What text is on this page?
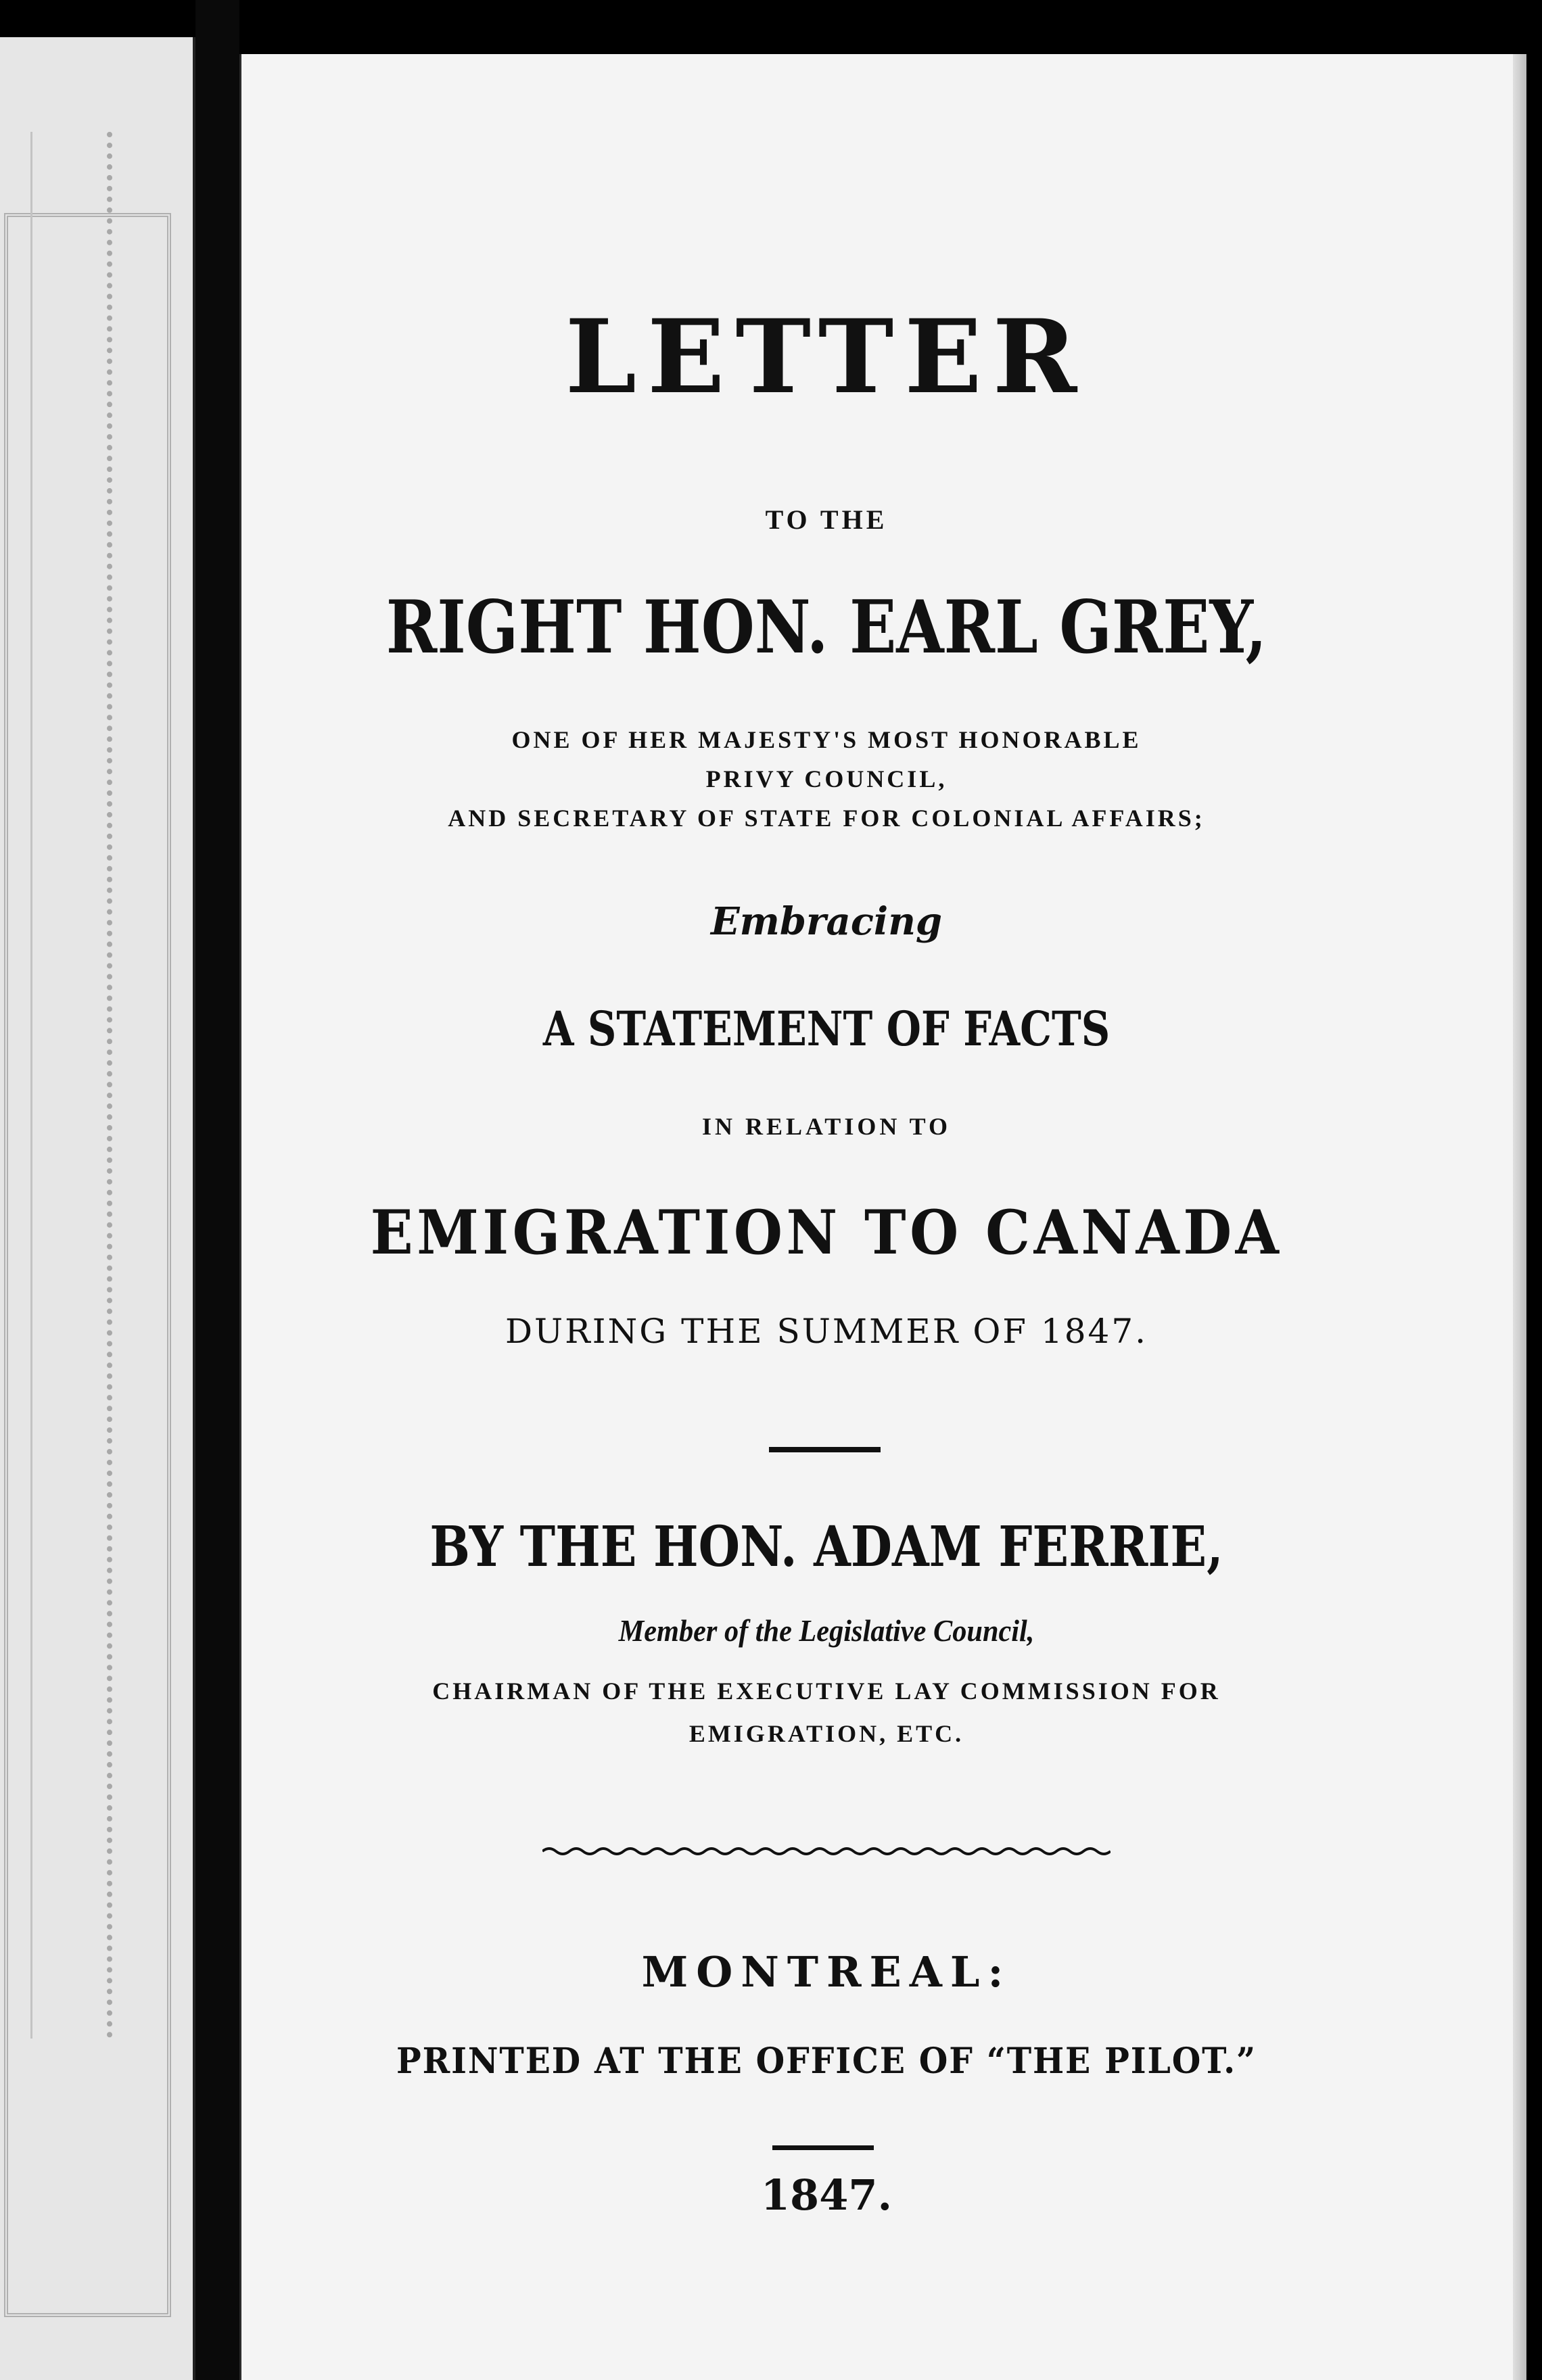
LETTER
TO THE
RIGHT HON. EARL GREY,
ONE OF HER MAJESTY'S MOST HONORABLE
PRIVY COUNCIL,
AND SECRETARY OF STATE FOR COLONIAL AFFAIRS;
Embracing
A STATEMENT OF FACTS
IN RELATION TO
EMIGRATION TO CANADA
DURING THE SUMMER OF 1847.
BY THE HON. ADAM FERRIE,
Member of the Legislative Council,
CHAIRMAN OF THE EXECUTIVE LAY COMMISSION FOR
EMIGRATION, ETC.
MONTREAL:
PRINTED AT THE OFFICE OF “THE PILOT.”
1847.
